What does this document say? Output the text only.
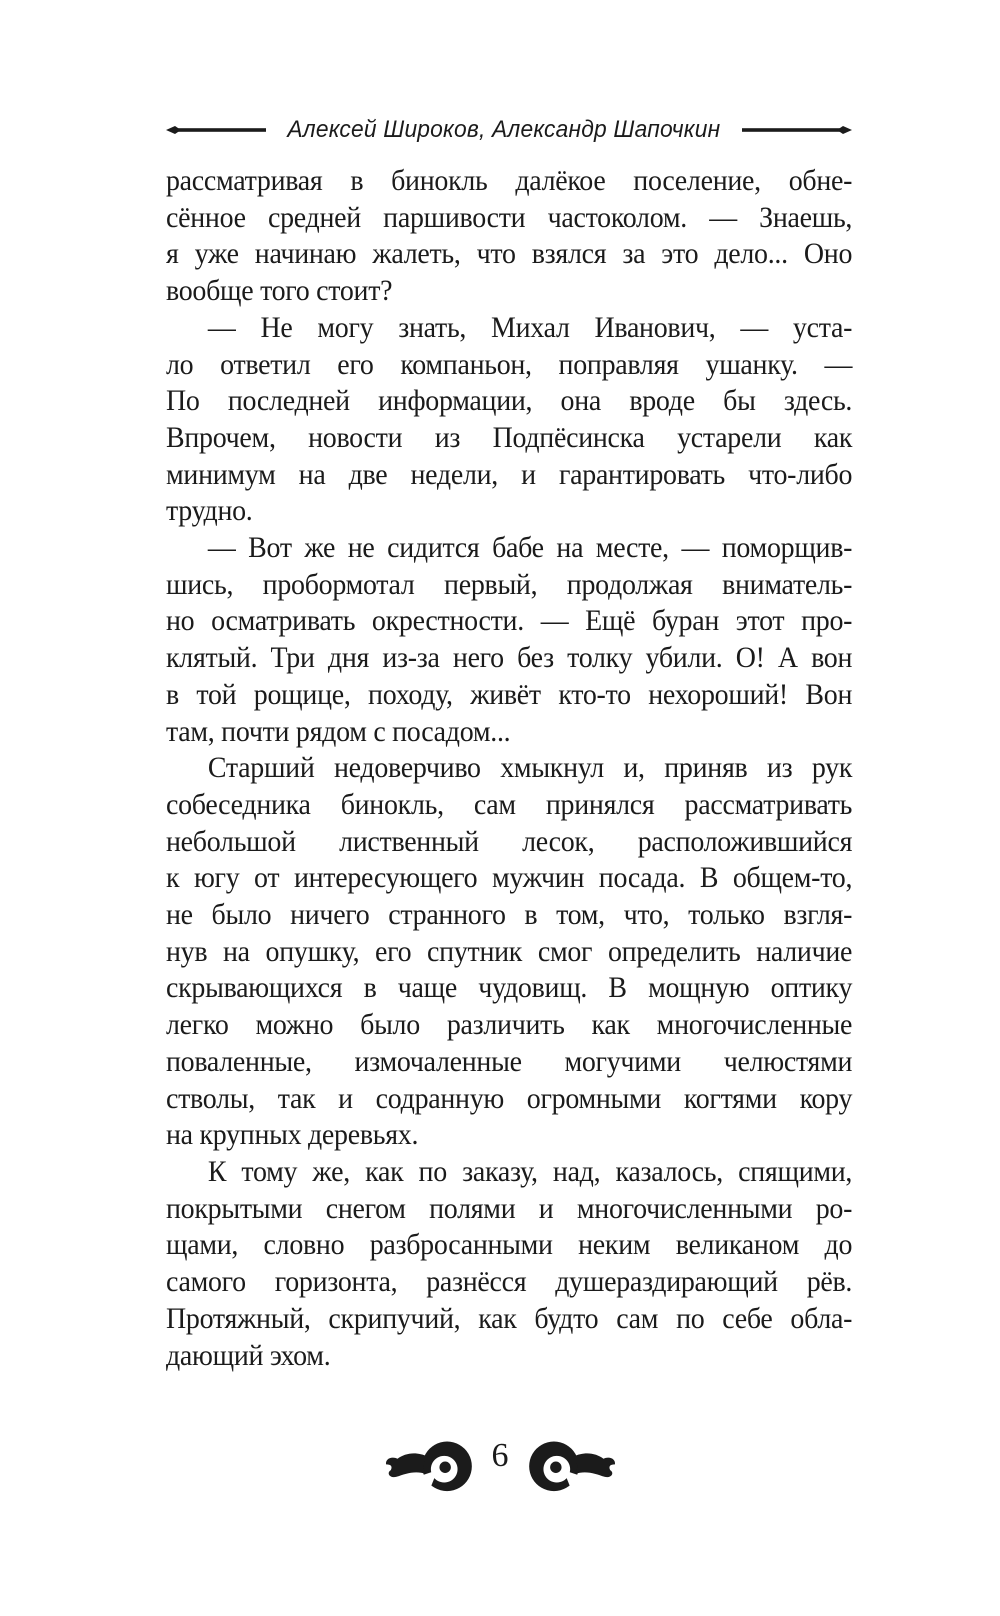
Алексей Широков, Александр Шапочкин
рассматривая в бинокль далёкое поселение, обне-
сённое средней паршивости частоколом. — Знаешь,
я уже начинаю жалеть, что взялся за это дело... Оно
вообще того стоит?
— Не могу знать, Михал Иванович, — уста-
ло ответил его компаньон, поправляя ушанку. —
По последней информации, она вроде бы здесь.
Впрочем, новости из Подпёсинска устарели как
минимум на две недели, и гарантировать что-либо
трудно.
— Вот же не сидится бабе на месте, — поморщив-
шись, пробормотал первый, продолжая вниматель-
но осматривать окрестности. — Ещё буран этот про-
клятый. Три дня из-за него без толку убили. О! А вон
в той рощице, походу, живёт кто-то нехороший! Вон
там, почти рядом с посадом...
Старший недоверчиво хмыкнул и, приняв из рук
собеседника бинокль, сам принялся рассматривать
небольшой лиственный лесок, расположившийся
к югу от интересующего мужчин посада. В общем-то,
не было ничего странного в том, что, только взгля-
нув на опушку, его спутник смог определить наличие
скрывающихся в чаще чудовищ. В мощную оптику
легко можно было различить как многочисленные
поваленные, измочаленные могучими челюстями
стволы, так и содранную огромными когтями кору
на крупных деревьях.
К тому же, как по заказу, над, казалось, спящими,
покрытыми снегом полями и многочисленными ро-
щами, словно разбросанными неким великаном до
самого горизонта, разнёсся душераздирающий рёв.
Протяжный, скрипучий, как будто сам по себе обла-
дающий эхом.
6
